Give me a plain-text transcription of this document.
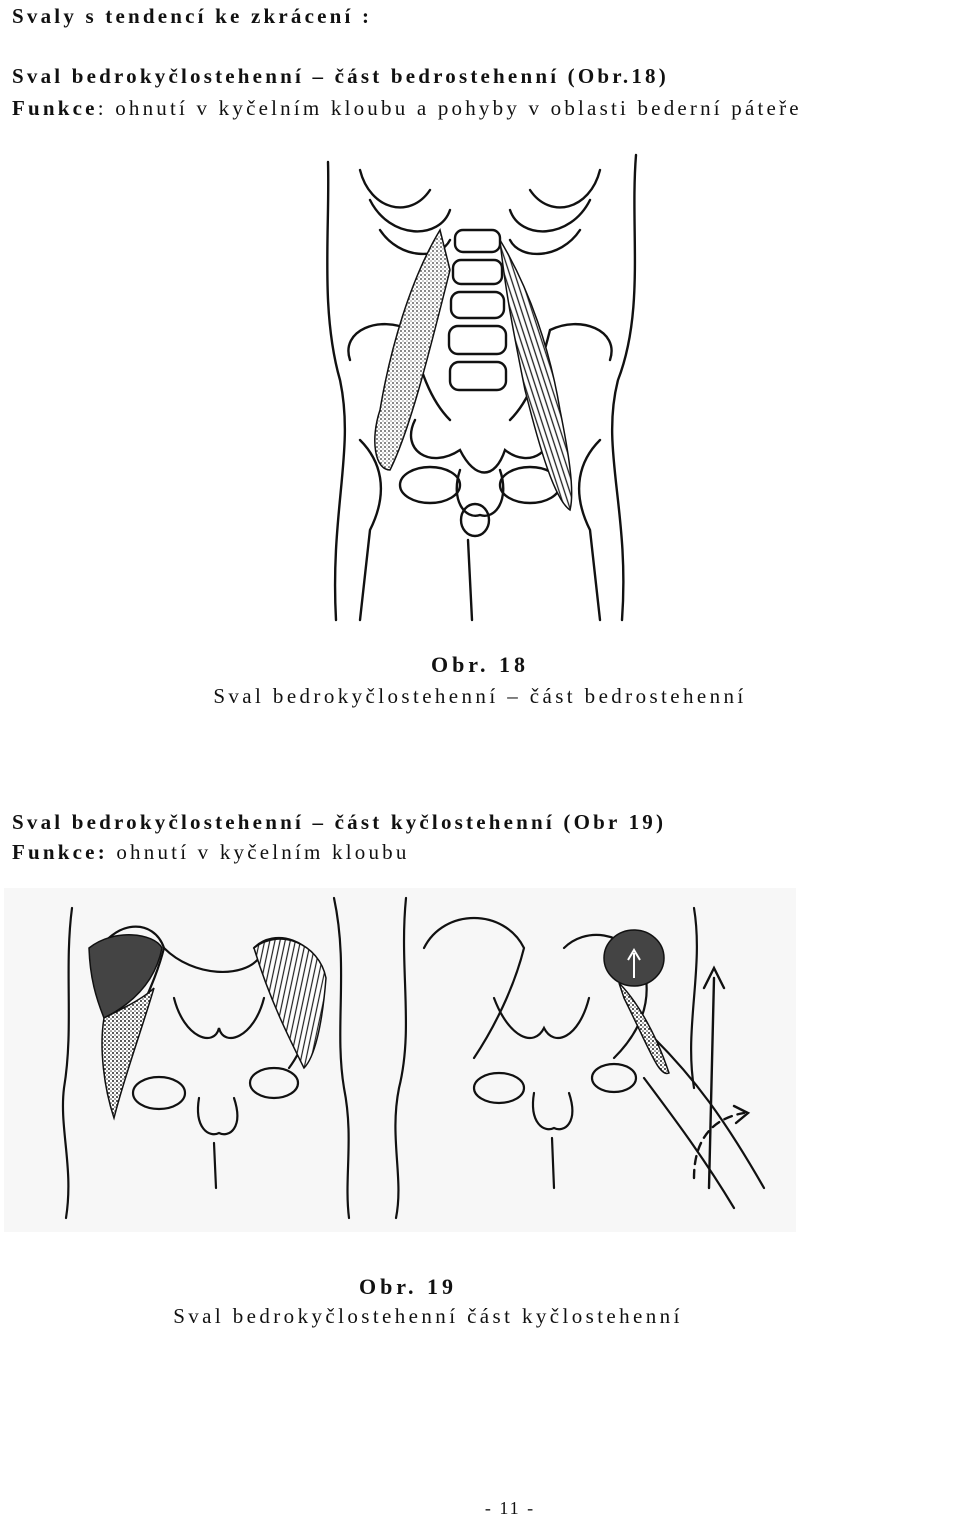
Svaly s tendencí ke zkrácení :
Sval bedrokyčlostehenní – část bedrostehenní (Obr.18)
Funkce: ohnutí v kyčelním kloubu a pohyby v oblasti bederní páteře
Obr. 18
Sval bedrokyčlostehenní – část bedrostehenní
Sval bedrokyčlostehenní – část kyčlostehenní (Obr 19)
Funkce: ohnutí v kyčelním kloubu
Obr. 19
Sval bedrokyčlostehenní část kyčlostehenní
- 11 -
